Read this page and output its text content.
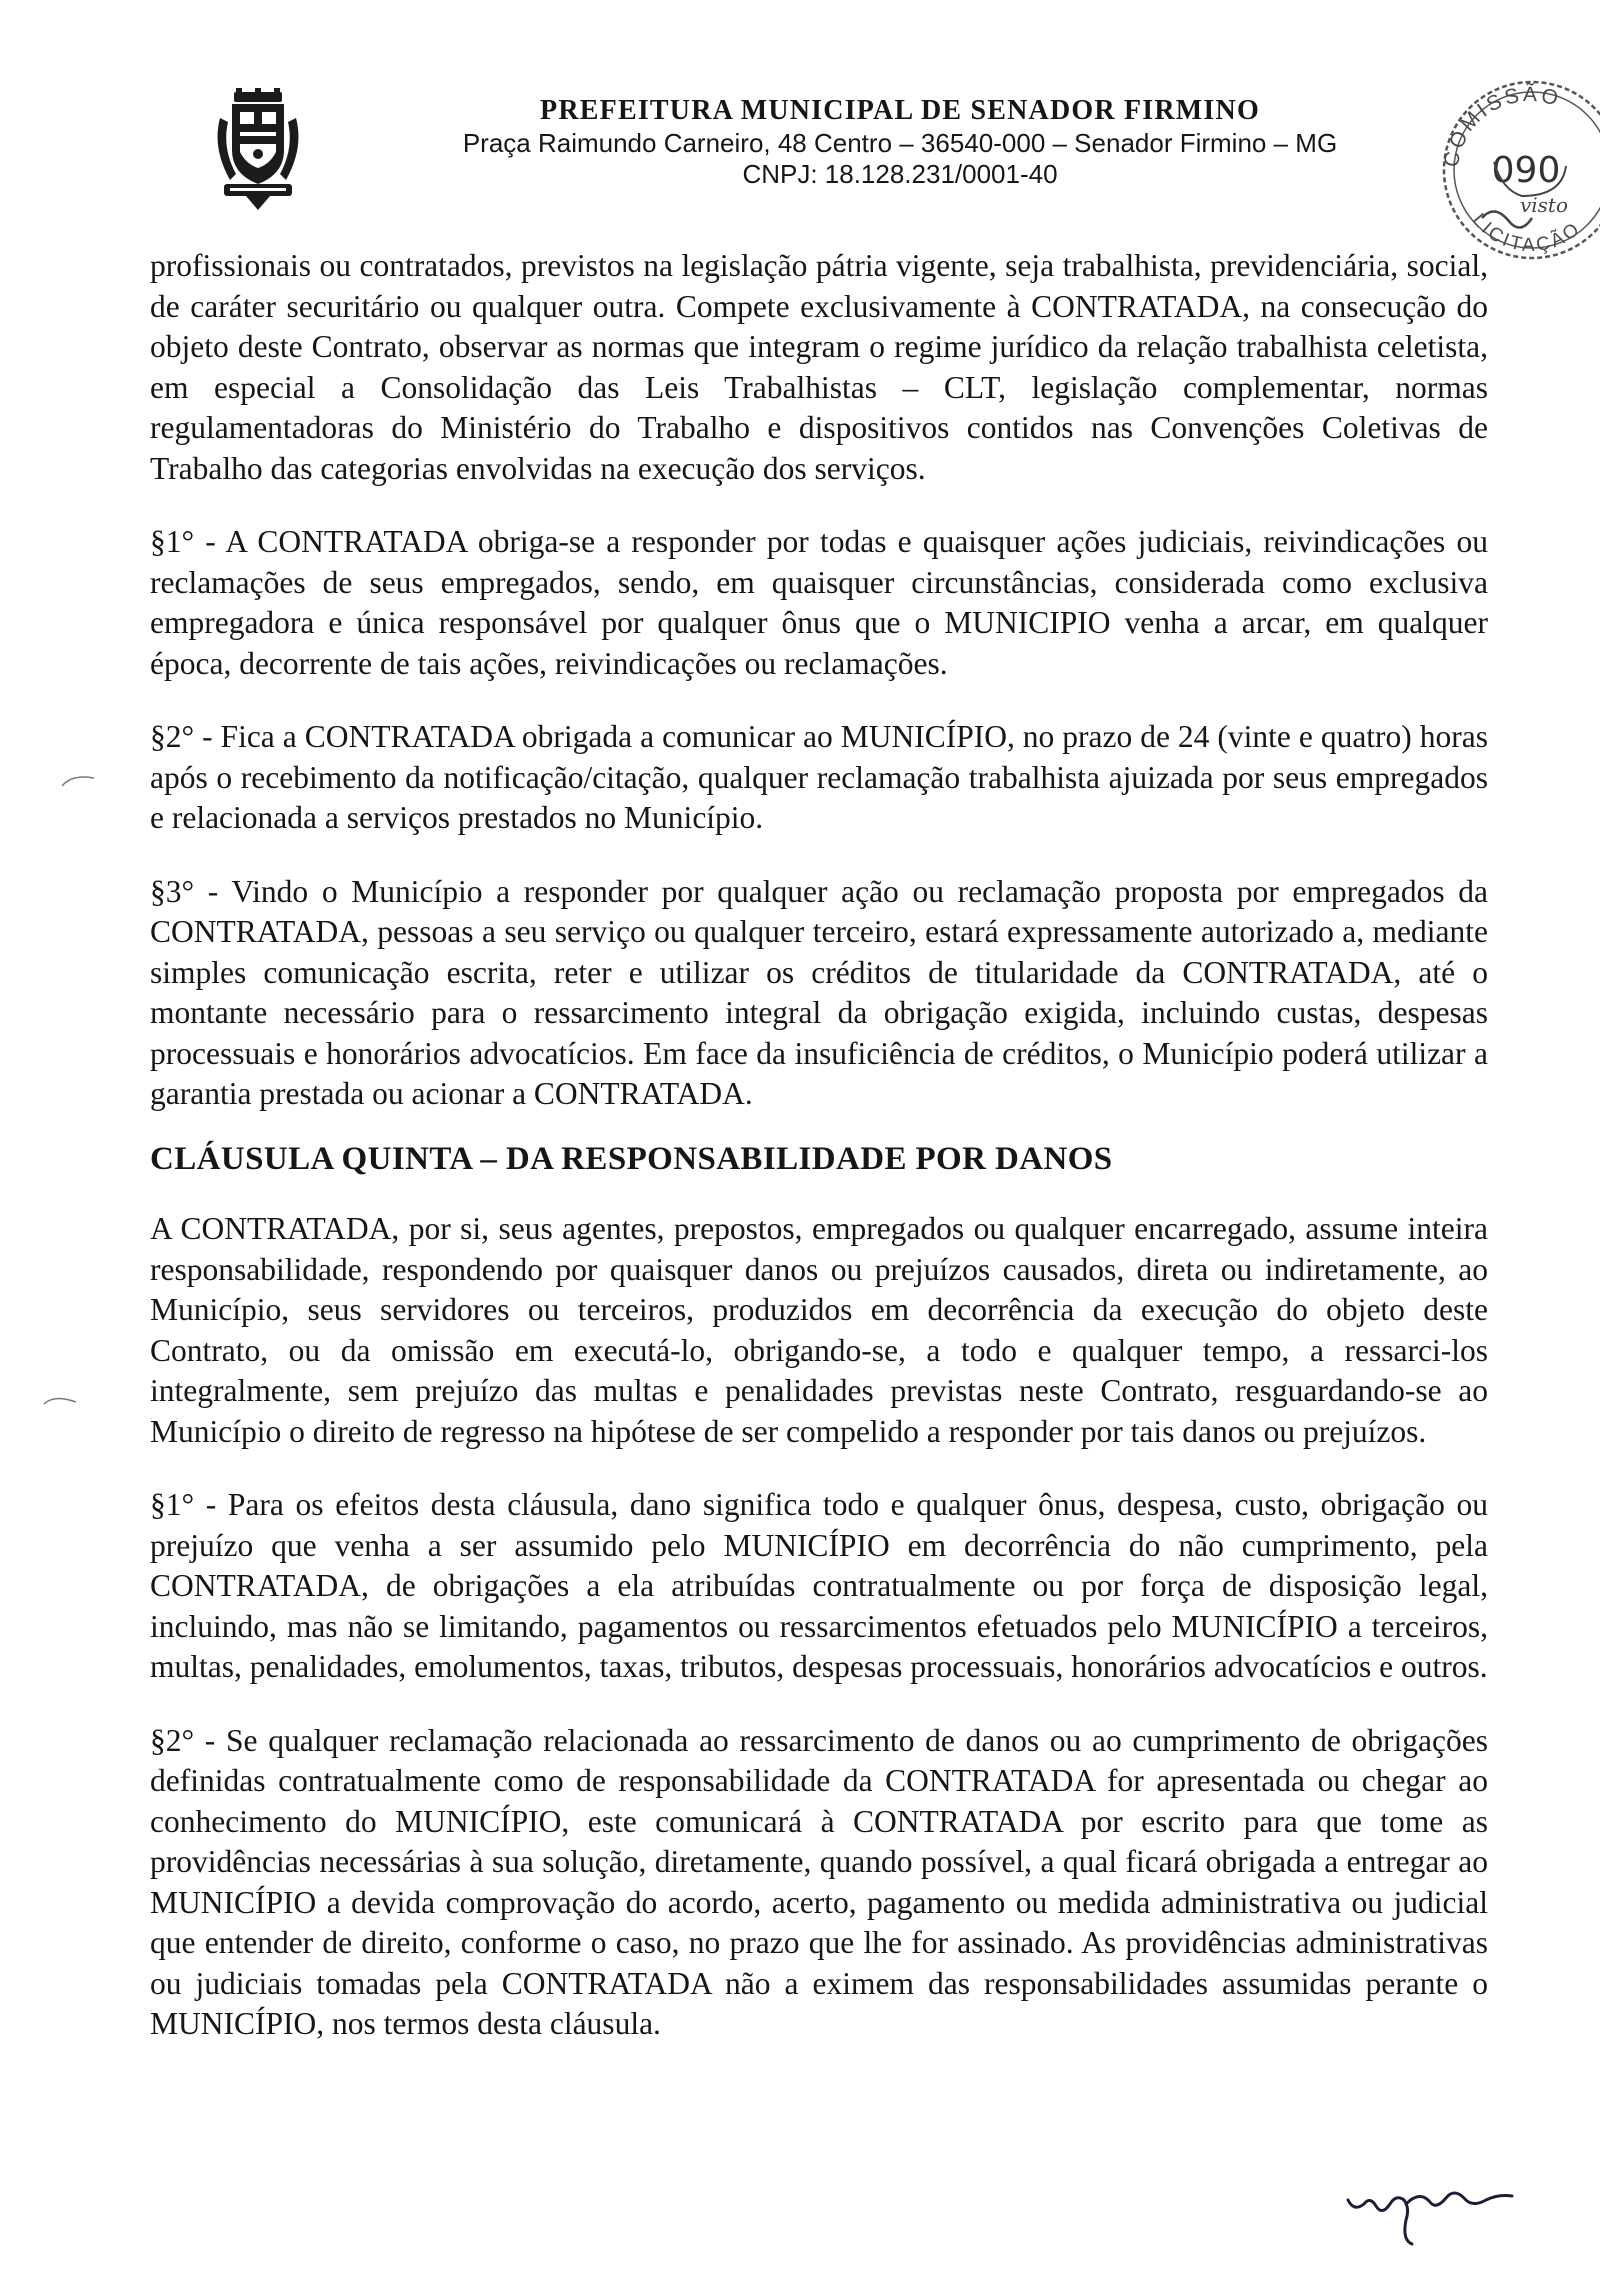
PREFEITURA MUNICIPAL DE SENADOR FIRMINO
Praça Raimundo Carneiro, 48 Centro – 36540-000 – Senador Firmino – MG
CNPJ: 18.128.231/0001-40
COMISSÃO
LICITAÇÃO
090
visto

profissionais ou contratados, previstos na legislação pátria vigente, seja trabalhista, previdenciária, social, de caráter securitário ou qualquer outra. Compete exclusivamente à CONTRATADA, na consecução do objeto deste Contrato, observar as normas que integram o regime jurídico da relação trabalhista celetista, em especial a Consolidação das Leis Trabalhistas – CLT, legislação complementar, normas regulamentadoras do Ministério do Trabalho e dispositivos contidos nas Convenções Coletivas de Trabalho das categorias envolvidas na execução dos serviços.

§1° - A CONTRATADA obriga-se a responder por todas e quaisquer ações judiciais, reivindicações ou reclamações de seus empregados, sendo, em quaisquer circunstâncias, considerada como exclusiva empregadora e única responsável por qualquer ônus que o MUNICIPIO venha a arcar, em qualquer época, decorrente de tais ações, reivindicações ou reclamações.

§2° - Fica a CONTRATADA obrigada a comunicar ao MUNICÍPIO, no prazo de 24 (vinte e quatro) horas após o recebimento da notificação/citação, qualquer reclamação trabalhista ajuizada por seus empregados e relacionada a serviços prestados no Município.

§3° - Vindo o Município a responder por qualquer ação ou reclamação proposta por empregados da CONTRATADA, pessoas a seu serviço ou qualquer terceiro, estará expressamente autorizado a, mediante simples comunicação escrita, reter e utilizar os créditos de titularidade da CONTRATADA, até o montante necessário para o ressarcimento integral da obrigação exigida, incluindo custas, despesas processuais e honorários advocatícios. Em face da insuficiência de créditos, o Município poderá utilizar a garantia prestada ou acionar a CONTRATADA.

CLÁUSULA QUINTA – DA RESPONSABILIDADE POR DANOS

A CONTRATADA, por si, seus agentes, prepostos, empregados ou qualquer encarregado, assume inteira responsabilidade, respondendo por quaisquer danos ou prejuízos causados, direta ou indiretamente, ao Município, seus servidores ou terceiros, produzidos em decorrência da execução do objeto deste Contrato, ou da omissão em executá-lo, obrigando-se, a todo e qualquer tempo, a ressarci-los integralmente, sem prejuízo das multas e penalidades previstas neste Contrato, resguardando-se ao Município o direito de regresso na hipótese de ser compelido a responder por tais danos ou prejuízos.

§1° - Para os efeitos desta cláusula, dano significa todo e qualquer ônus, despesa, custo, obrigação ou prejuízo que venha a ser assumido pelo MUNICÍPIO em decorrência do não cumprimento, pela CONTRATADA, de obrigações a ela atribuídas contratualmente ou por força de disposição legal, incluindo, mas não se limitando, pagamentos ou ressarcimentos efetuados pelo MUNICÍPIO a terceiros, multas, penalidades, emolumentos, taxas, tributos, despesas processuais, honorários advocatícios e outros.

§2° - Se qualquer reclamação relacionada ao ressarcimento de danos ou ao cumprimento de obrigações definidas contratualmente como de responsabilidade da CONTRATADA for apresentada ou chegar ao conhecimento do MUNICÍPIO, este comunicará à CONTRATADA por escrito para que tome as providências necessárias à sua solução, diretamente, quando possível, a qual ficará obrigada a entregar ao MUNICÍPIO a devida comprovação do acordo, acerto, pagamento ou medida administrativa ou judicial que entender de direito, conforme o caso, no prazo que lhe for assinado. As providências administrativas ou judiciais tomadas pela CONTRATADA não a eximem das responsabilidades assumidas perante o MUNICÍPIO, nos termos desta cláusula.
